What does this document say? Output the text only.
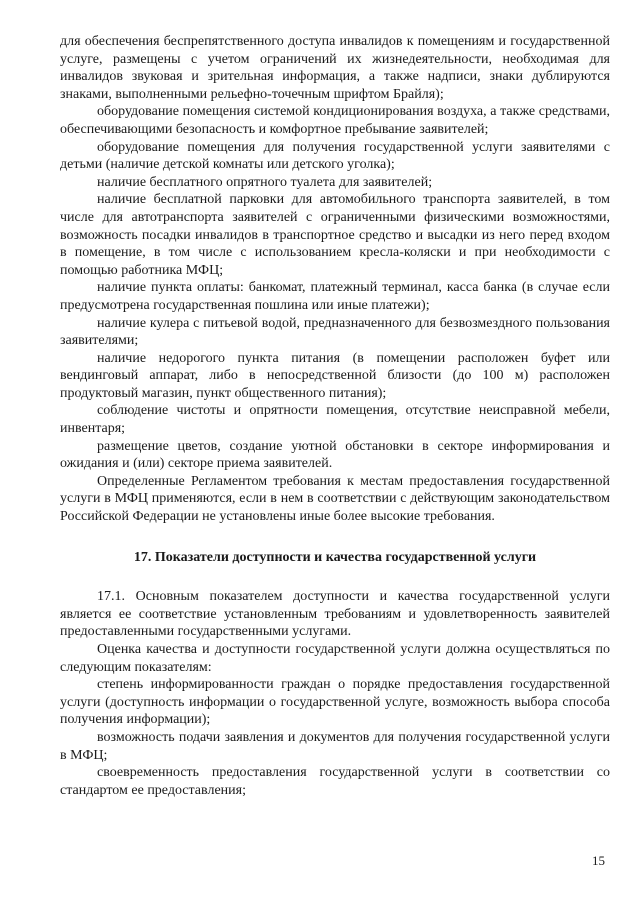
для обеспечения беспрепятственного доступа инвалидов к помещениям и государственной услуге, размещены с учетом ограничений их жизнедеятельности, необходимая для инвалидов звуковая и зрительная информация, а также надписи, знаки дублируются знаками, выполненными рельефно-точечным шрифтом Брайля);

оборудование помещения системой кондиционирования воздуха, а также средствами, обеспечивающими безопасность и комфортное пребывание заявителей;

оборудование помещения для получения государственной услуги заявителями с детьми (наличие детской комнаты или детского уголка);

наличие бесплатного опрятного туалета для заявителей;

наличие бесплатной парковки для автомобильного транспорта заявителей, в том числе для автотранспорта заявителей с ограниченными физическими возможностями, возможность посадки инвалидов в транспортное средство и высадки из него перед входом в помещение, в том числе с использованием кресла-коляски и при необходимости с помощью работника МФЦ;

наличие пункта оплаты: банкомат, платежный терминал, касса банка (в случае если предусмотрена государственная пошлина или иные платежи);

наличие кулера с питьевой водой, предназначенного для безвозмездного пользования заявителями;

наличие недорогого пункта питания (в помещении расположен буфет или вендинговый аппарат, либо в непосредственной близости (до 100 м) расположен продуктовый магазин, пункт общественного питания);

соблюдение чистоты и опрятности помещения, отсутствие неисправной мебели, инвентаря;

размещение цветов, создание уютной обстановки в секторе информирования и ожидания и (или) секторе приема заявителей.

Определенные Регламентом требования к местам предоставления государственной услуги в МФЦ применяются, если в нем в соответствии с действующим законодательством Российской Федерации не установлены иные более высокие требования.

17. Показатели доступности и качества государственной услуги

17.1. Основным показателем доступности и качества государственной услуги является ее соответствие установленным требованиям и удовлетворенность заявителей предоставленными государственными услугами.

Оценка качества и доступности государственной услуги должна осуществляться по следующим показателям:

степень информированности граждан о порядке предоставления государственной услуги (доступность информации о государственной услуге, возможность выбора способа получения информации);

возможность подачи заявления и документов для получения государственной услуги в МФЦ;

своевременность предоставления государственной услуги в соответствии со стандартом ее предоставления;

15
